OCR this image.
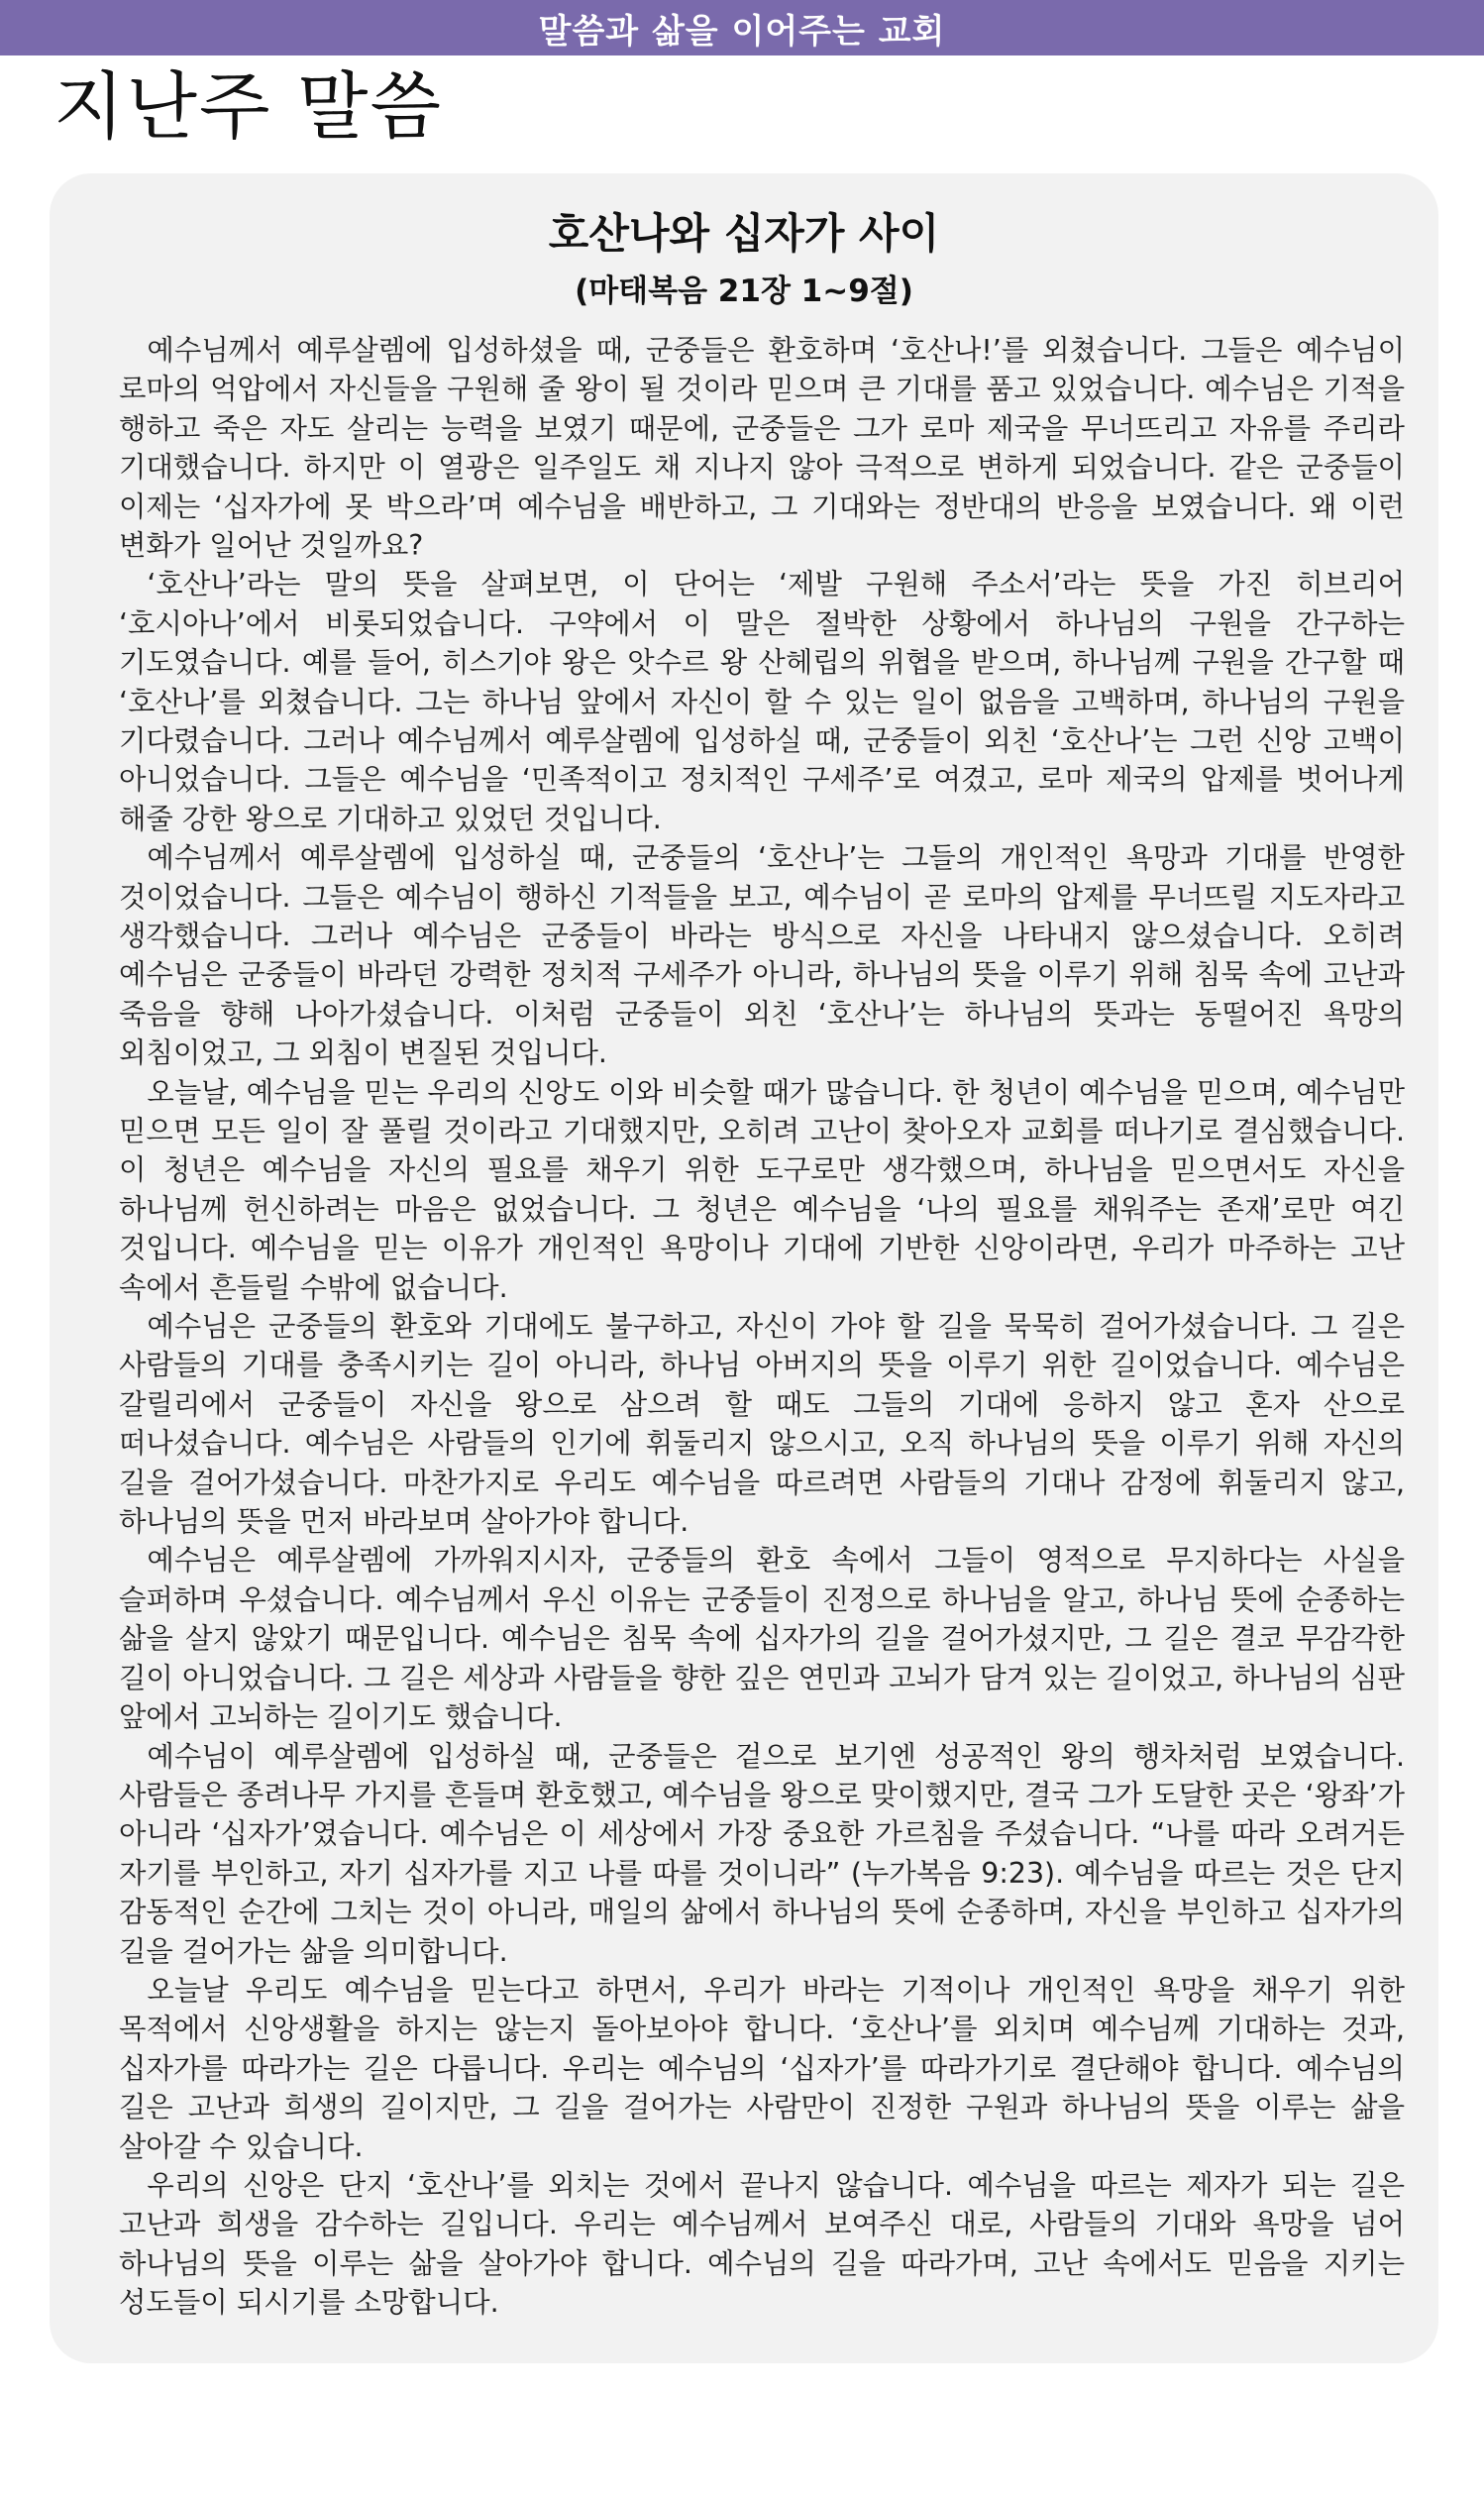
말씀과 삶을 이어주는 교회
지난주 말씀
호산나와 십자가 사이
(마태복음 21장 1~9절)

예수님께서 예루살렘에 입성하셨을 때, 군중들은 환호하며 ‘호산나!’를 외쳤습니다. 그들은 예수님이 로마의 억압에서 자신들을 구원해 줄 왕이 될 것이라 믿으며 큰 기대를 품고 있었습니다. 예수님은 기적을 행하고 죽은 자도 살리는 능력을 보였기 때문에, 군중들은 그가 로마 제국을 무너뜨리고 자유를 주리라 기대했습니다. 하지만 이 열광은 일주일도 채 지나지 않아 극적으로 변하게 되었습니다. 같은 군중들이 이제는 ‘십자가에 못 박으라’며 예수님을 배반하고, 그 기대와는 정반대의 반응을 보였습니다. 왜 이런 변화가 일어난 것일까요?

‘호산나’라는 말의 뜻을 살펴보면, 이 단어는 ‘제발 구원해 주소서’라는 뜻을 가진 히브리어 ‘호시아나’에서 비롯되었습니다. 구약에서 이 말은 절박한 상황에서 하나님의 구원을 간구하는 기도였습니다. 예를 들어, 히스기야 왕은 앗수르 왕 산헤립의 위협을 받으며, 하나님께 구원을 간구할 때 ‘호산나’를 외쳤습니다. 그는 하나님 앞에서 자신이 할 수 있는 일이 없음을 고백하며, 하나님의 구원을 기다렸습니다. 그러나 예수님께서 예루살렘에 입성하실 때, 군중들이 외친 ‘호산나’는 그런 신앙 고백이 아니었습니다. 그들은 예수님을 ‘민족적이고 정치적인 구세주’로 여겼고, 로마 제국의 압제를 벗어나게 해줄 강한 왕으로 기대하고 있었던 것입니다.

예수님께서 예루살렘에 입성하실 때, 군중들의 ‘호산나’는 그들의 개인적인 욕망과 기대를 반영한 것이었습니다. 그들은 예수님이 행하신 기적들을 보고, 예수님이 곧 로마의 압제를 무너뜨릴 지도자라고 생각했습니다. 그러나 예수님은 군중들이 바라는 방식으로 자신을 나타내지 않으셨습니다. 오히려 예수님은 군중들이 바라던 강력한 정치적 구세주가 아니라, 하나님의 뜻을 이루기 위해 침묵 속에 고난과 죽음을 향해 나아가셨습니다. 이처럼 군중들이 외친 ‘호산나’는 하나님의 뜻과는 동떨어진 욕망의 외침이었고, 그 외침이 변질된 것입니다.

오늘날, 예수님을 믿는 우리의 신앙도 이와 비슷할 때가 많습니다. 한 청년이 예수님을 믿으며, 예수님만 믿으면 모든 일이 잘 풀릴 것이라고 기대했지만, 오히려 고난이 찾아오자 교회를 떠나기로 결심했습니다. 이 청년은 예수님을 자신의 필요를 채우기 위한 도구로만 생각했으며, 하나님을 믿으면서도 자신을 하나님께 헌신하려는 마음은 없었습니다. 그 청년은 예수님을 ‘나의 필요를 채워주는 존재’로만 여긴 것입니다. 예수님을 믿는 이유가 개인적인 욕망이나 기대에 기반한 신앙이라면, 우리가 마주하는 고난 속에서 흔들릴 수밖에 없습니다.

예수님은 군중들의 환호와 기대에도 불구하고, 자신이 가야 할 길을 묵묵히 걸어가셨습니다. 그 길은 사람들의 기대를 충족시키는 길이 아니라, 하나님 아버지의 뜻을 이루기 위한 길이었습니다. 예수님은 갈릴리에서 군중들이 자신을 왕으로 삼으려 할 때도 그들의 기대에 응하지 않고 혼자 산으로 떠나셨습니다. 예수님은 사람들의 인기에 휘둘리지 않으시고, 오직 하나님의 뜻을 이루기 위해 자신의 길을 걸어가셨습니다. 마찬가지로 우리도 예수님을 따르려면 사람들의 기대나 감정에 휘둘리지 않고, 하나님의 뜻을 먼저 바라보며 살아가야 합니다.

예수님은 예루살렘에 가까워지시자, 군중들의 환호 속에서 그들이 영적으로 무지하다는 사실을 슬퍼하며 우셨습니다. 예수님께서 우신 이유는 군중들이 진정으로 하나님을 알고, 하나님 뜻에 순종하는 삶을 살지 않았기 때문입니다. 예수님은 침묵 속에 십자가의 길을 걸어가셨지만, 그 길은 결코 무감각한 길이 아니었습니다. 그 길은 세상과 사람들을 향한 깊은 연민과 고뇌가 담겨 있는 길이었고, 하나님의 심판 앞에서 고뇌하는 길이기도 했습니다.

예수님이 예루살렘에 입성하실 때, 군중들은 겉으로 보기엔 성공적인 왕의 행차처럼 보였습니다. 사람들은 종려나무 가지를 흔들며 환호했고, 예수님을 왕으로 맞이했지만, 결국 그가 도달한 곳은 ‘왕좌’가 아니라 ‘십자가’였습니다. 예수님은 이 세상에서 가장 중요한 가르침을 주셨습니다. “나를 따라 오려거든 자기를 부인하고, 자기 십자가를 지고 나를 따를 것이니라” (누가복음 9:23). 예수님을 따르는 것은 단지 감동적인 순간에 그치는 것이 아니라, 매일의 삶에서 하나님의 뜻에 순종하며, 자신을 부인하고 십자가의 길을 걸어가는 삶을 의미합니다.

오늘날 우리도 예수님을 믿는다고 하면서, 우리가 바라는 기적이나 개인적인 욕망을 채우기 위한 목적에서 신앙생활을 하지는 않는지 돌아보아야 합니다. ‘호산나’를 외치며 예수님께 기대하는 것과, 십자가를 따라가는 길은 다릅니다. 우리는 예수님의 ‘십자가’를 따라가기로 결단해야 합니다. 예수님의 길은 고난과 희생의 길이지만, 그 길을 걸어가는 사람만이 진정한 구원과 하나님의 뜻을 이루는 삶을 살아갈 수 있습니다.

우리의 신앙은 단지 ‘호산나’를 외치는 것에서 끝나지 않습니다. 예수님을 따르는 제자가 되는 길은 고난과 희생을 감수하는 길입니다. 우리는 예수님께서 보여주신 대로, 사람들의 기대와 욕망을 넘어 하나님의 뜻을 이루는 삶을 살아가야 합니다. 예수님의 길을 따라가며, 고난 속에서도 믿음을 지키는 성도들이 되시기를 소망합니다.
